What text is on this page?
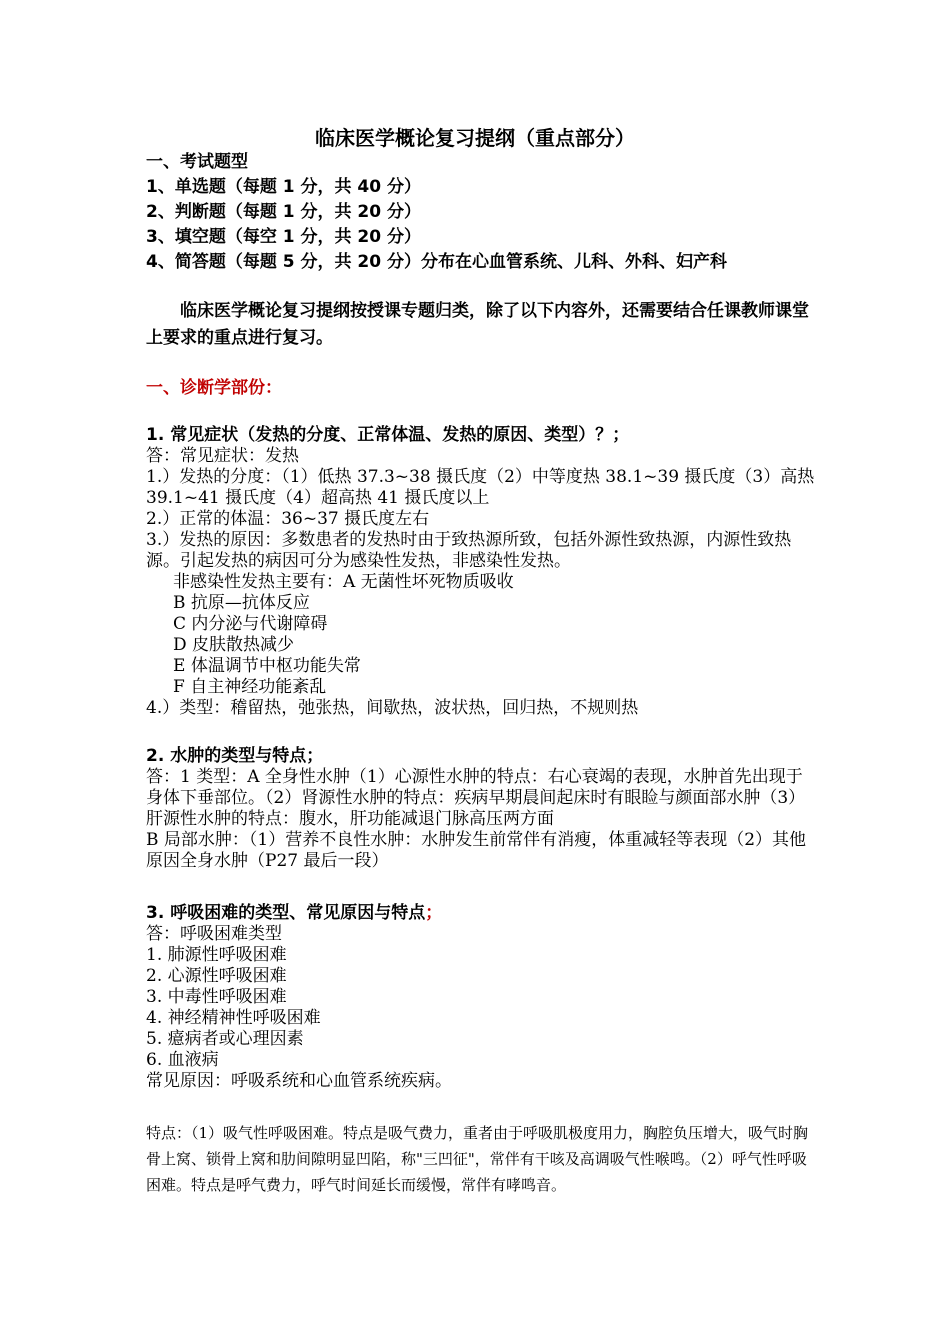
临床医学概论复习提纲（重点部分）
一、考试题型
1、单选题（每题 1 分，共 40 分）
2、判断题（每题 1 分，共 20 分）
3、填空题（每空 1 分，共 20 分）
4、简答题（每题 5 分，共 20 分）分布在心血管系统、儿科、外科、妇产科
临床医学概论复习提纲按授课专题归类，除了以下内容外，还需要结合任课教师课堂上要求的重点进行复习。
一、诊断学部份：
1. 常见症状（发热的分度、正常体温、发热的原因、类型）？；
答：常见症状：发热
1.）发热的分度：（1）低热 37.3~38 摄氏度（2）中等度热 38.1~39 摄氏度（3）高热 39.1~41 摄氏度（4）超高热 41 摄氏度以上
2.）正常的体温：36~37 摄氏度左右
3.）发热的原因：多数患者的发热时由于致热源所致，包括外源性致热源，内源性致热源。引起发热的病因可分为感染性发热，非感染性发热。
非感染性发热主要有：A 无菌性坏死物质吸收
B 抗原—抗体反应
C 内分泌与代谢障碍
D 皮肤散热减少
E 体温调节中枢功能失常
F 自主神经功能紊乱
4.）类型：稽留热，弛张热，间歇热，波状热，回归热，不规则热
2. 水肿的类型与特点；
答：1 类型：A 全身性水肿（1）心源性水肿的特点：右心衰竭的表现，水肿首先出现于身体下垂部位。（2）肾源性水肿的特点：疾病早期晨间起床时有眼睑与颜面部水肿（3）肝源性水肿的特点：腹水，肝功能减退门脉高压两方面
B 局部水肿：（1）营养不良性水肿：水肿发生前常伴有消瘦，体重减轻等表现（2）其他原因全身水肿（P27 最后一段）
3. 呼吸困难的类型、常见原因与特点；
答：呼吸困难类型
1. 肺源性呼吸困难
2. 心源性呼吸困难
3. 中毒性呼吸困难
4. 神经精神性呼吸困难
5. 癔病者或心理因素
6. 血液病
常见原因：呼吸系统和心血管系统疾病。
特点：（1）吸气性呼吸困难。特点是吸气费力，重者由于呼吸肌极度用力，胸腔负压增大，吸气时胸骨上窝、锁骨上窝和肋间隙明显凹陷，称"三凹征"，常伴有干咳及高调吸气性喉鸣。（2）呼气性呼吸困难。特点是呼气费力，呼气时间延长而缓慢，常伴有哮鸣音。
